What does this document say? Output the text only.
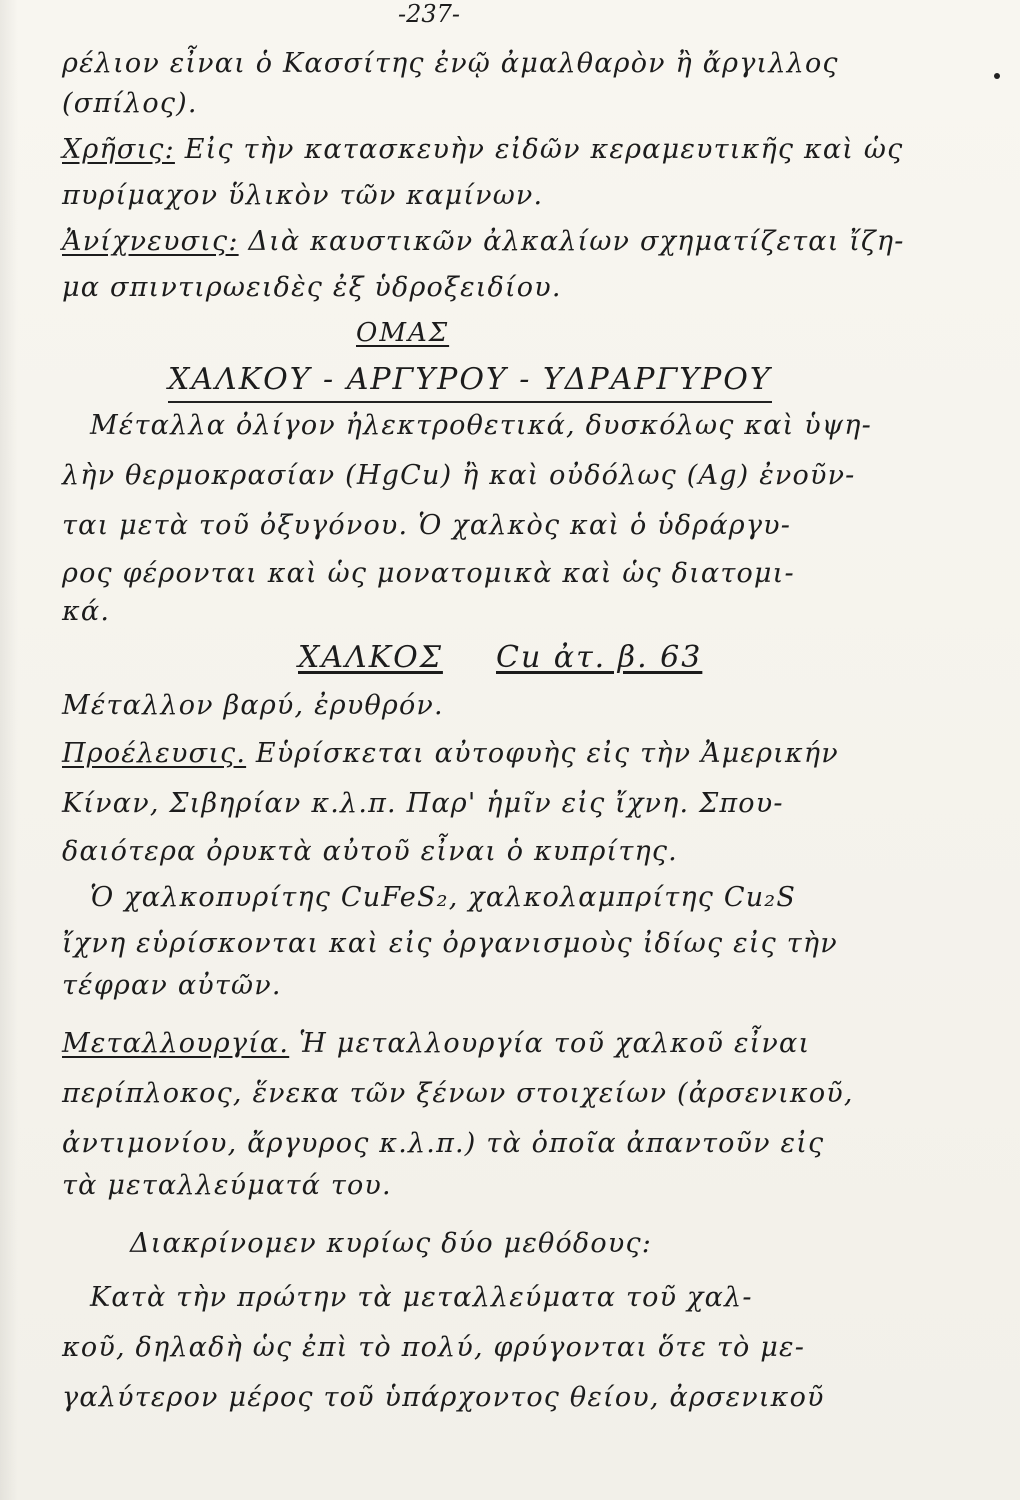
-237-
ρέλιον εἶναι ὁ Κασσίτης ἐνῷ ἀμαλθαρὸν ἢ ἄργιλλος
(σπίλος).
Χρῆσις: Εἰς τὴν κατασκευὴν εἰδῶν κεραμευτικῆς καὶ ὡς
πυρίμαχον ὕλικὸν τῶν καμίνων.
Ἀνίχνευσις: Διὰ καυστικῶν ἀλκαλίων σχηματίζεται ἴζη-
μα σπιντιρωειδὲς ἐξ ὑδροξειδίου.
ΟΜΑΣ
ΧΑΛΚΟΥ - ΑΡΓΥΡΟΥ - ΥΔΡΑΡΓΥΡΟΥ
Μέταλλα ὀλίγον ἠλεκτροθετικά, δυσκόλως καὶ ὑψη-
λὴν θερμοκρασίαν (HgCu) ἢ καὶ οὐδόλως (Ag) ἐνοῦν-
ται μετὰ τοῦ ὀξυγόνου. Ὁ χαλκὸς καὶ ὁ ὑδράργυ-
ρος φέρονται καὶ ὡς μονατομικὰ καὶ ὡς διατομι-
κά.
ΧΑΛΚΟΣ Cu ἀτ. β. 63
Μέταλλον βαρύ, ἐρυθρόν.
Προέλευσις. Εὑρίσκεται αὐτοφυὴς εἰς τὴν Ἀμερικήν
Κίναν, Σιβηρίαν κ.λ.π. Παρ' ἡμῖν εἰς ἴχνη. Σπου-
δαιότερα ὀρυκτὰ αὐτοῦ εἶναι ὁ κυπρίτης.
Ὁ χαλκοπυρίτης CuFeS₂, χαλκολαμπρίτης Cu₂S
ἴχνη εὑρίσκονται καὶ εἰς ὀργανισμοὺς ἰδίως εἰς τὴν
τέφραν αὐτῶν.
Μεταλλουργία. Ἡ μεταλλουργία τοῦ χαλκοῦ εἶναι
περίπλοκος, ἕνεκα τῶν ξένων στοιχείων (ἀρσενικοῦ,
ἀντιμονίου, ἄργυρος κ.λ.π.) τὰ ὁποῖα ἀπαντοῦν εἰς
τὰ μεταλλεύματά του.
Διακρίνομεν κυρίως δύο μεθόδους:
Κατὰ τὴν πρώτην τὰ μεταλλεύματα τοῦ χαλ-
κοῦ, δηλαδὴ ὡς ἐπὶ τὸ πολύ, φρύγονται ὅτε τὸ με-
γαλύτερον μέρος τοῦ ὑπάρχοντος θείου, ἀρσενικοῦ
